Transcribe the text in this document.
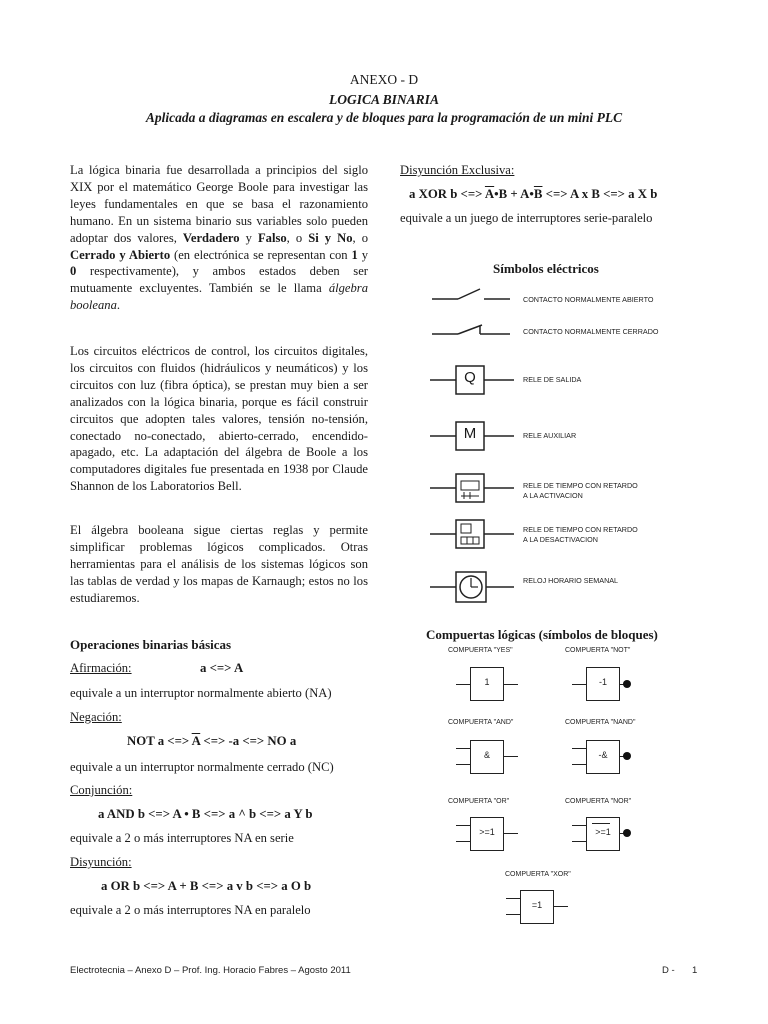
ANEXO - D
LOGICA BINARIA
Aplicada a diagramas en escalera y de bloques para la programación de un mini PLC

La lógica binaria fue desarrollada a principios del siglo XIX por el matemático George Boole para investigar las leyes fundamentales en que se basa el razonamiento humano. En un sistema binario sus variables solo pueden adoptar dos valores, Verdadero y Falso, o Si y No, o Cerrado y Abierto (en electrónica se representan con 1 y 0 respectivamente), y ambos estados deben ser mutuamente excluyentes. También se le llama álgebra booleana.

Los circuitos eléctricos de control, los circuitos digitales, los circuitos con fluidos (hidráulicos y neumáticos) y los circuitos con luz (fibra óptica), se prestan muy bien a ser analizados con la lógica binaria, porque es fácil construir circuitos que adopten tales valores, tensión no-tensión, conectado no-conectado, abierto-cerrado, encendido-apagado, etc. La adaptación del álgebra de Boole a los computadores digitales fue presentada en 1938 por Claude Shannon de los Laboratorios Bell.

El álgebra booleana sigue ciertas reglas y permite simplificar problemas lógicos complicados. Otras herramientas para el análisis de los sistemas lógicos son las tablas de verdad y los mapas de Karnaugh; estos no los estudiaremos.

Operaciones binarias básicas
Afirmación:	a <=> A
equivale a un interruptor normalmente abierto (NA)
Negación:
NOT a <=> $\overline{A}$ <=> -a <=> NO a
equivale a un interruptor normalmente cerrado (NC)
Conjunción:
a AND b <=> A • B <=> a ^ b <=> a Y b
equivale a 2 o más interruptores NA en serie
Disyunción:
a OR b <=> A + B <=> a v b <=> a O b
equivale a 2 o más interruptores NA en paralelo
Disyunción Exclusiva:
a XOR b <=> $\overline{A}•B$ + $A•\overline{B}$ <=> A x B <=> a X b
equivale a un juego de interruptores serie-paralelo
Símbolos eléctricos
CONTACTO NORMALMENTE ABIERTO
CONTACTO NORMALMENTE CERRADO
Q	RELE DE SALIDA
M	RELE AUXILIAR
RELE DE TIEMPO CON RETARDO
A LA ACTIVACION
RELE DE TIEMPO CON RETARDO
A LA DESACTIVACION
RELOJ HORARIO SEMANAL
Compuertas lógicas (símbolos de bloques)
COMPUERTA "YES"
1
COMPUERTA "NOT"
-1
COMPUERTA "AND"
&
COMPUERTA "NAND"
-&
COMPUERTA "OR"
>=1
COMPUERTA "NOR"
>=1
COMPUERTA "XOR"
=1
Electrotecnia – Anexo D – Prof. Ing. Horacio Fabres – Agosto 2011	D - 1
